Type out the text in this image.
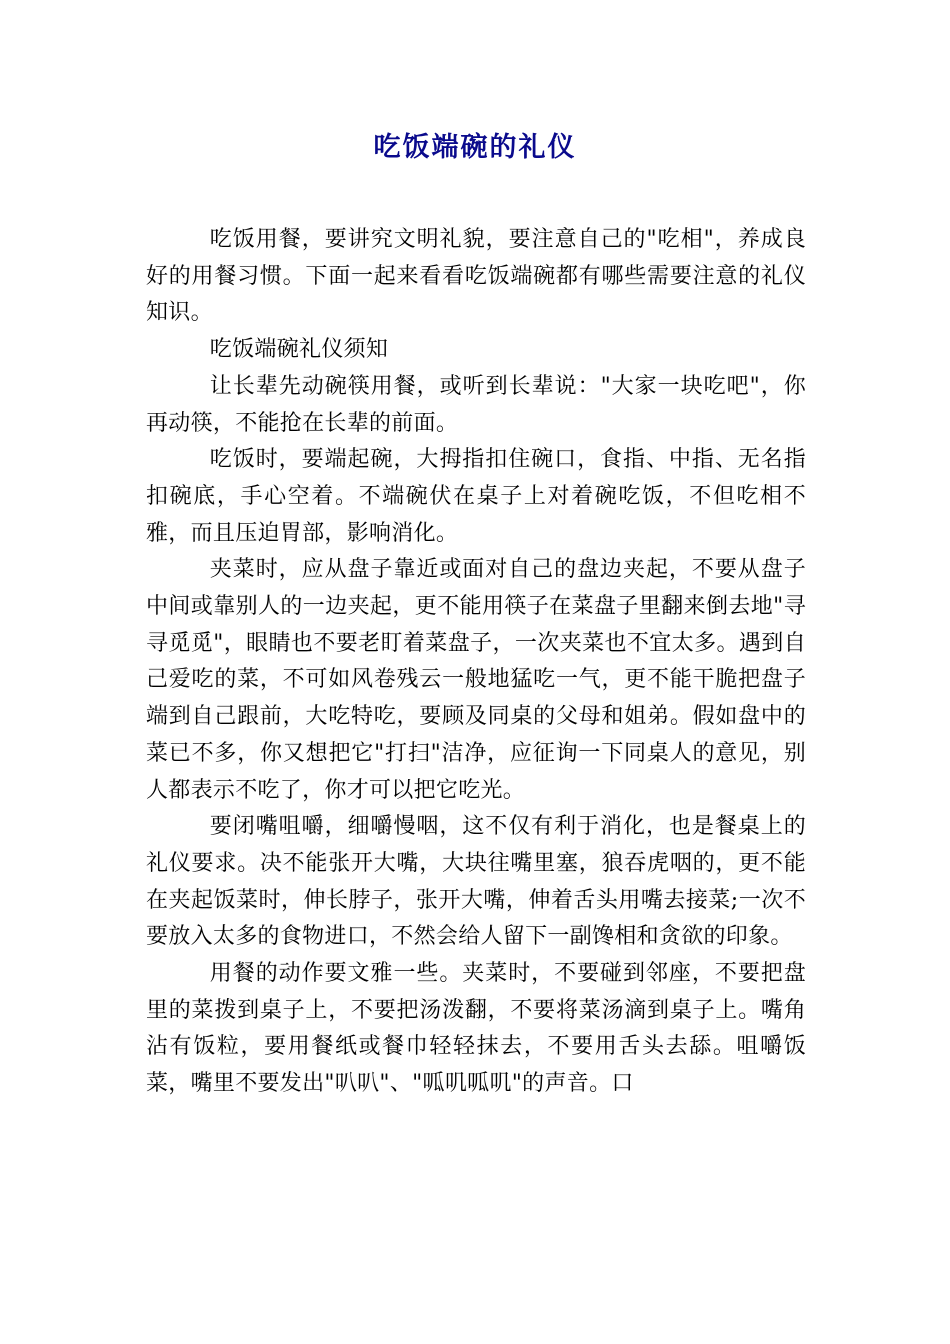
吃饭端碗的礼仪

吃饭用餐，要讲究文明礼貌，要注意自己的"吃相"，养成良好的用餐习惯。下面一起来看看吃饭端碗都有哪些需要注意的礼仪知识。

吃饭端碗礼仪须知

让长辈先动碗筷用餐，或听到长辈说："大家一块吃吧"，你再动筷，不能抢在长辈的前面。

吃饭时，要端起碗，大拇指扣住碗口，食指、中指、无名指扣碗底，手心空着。不端碗伏在桌子上对着碗吃饭，不但吃相不雅，而且压迫胃部，影响消化。

夹菜时，应从盘子靠近或面对自己的盘边夹起，不要从盘子中间或靠别人的一边夹起，更不能用筷子在菜盘子里翻来倒去地"寻寻觅觅"，眼睛也不要老盯着菜盘子，一次夹菜也不宜太多。遇到自己爱吃的菜，不可如风卷残云一般地猛吃一气，更不能干脆把盘子端到自己跟前，大吃特吃，要顾及同桌的父母和姐弟。假如盘中的菜已不多，你又想把它"打扫"洁净，应征询一下同桌人的意见，别人都表示不吃了，你才可以把它吃光。

要闭嘴咀嚼，细嚼慢咽，这不仅有利于消化，也是餐桌上的礼仪要求。决不能张开大嘴，大块往嘴里塞，狼吞虎咽的，更不能在夹起饭菜时，伸长脖子，张开大嘴，伸着舌头用嘴去接菜;一次不要放入太多的食物进口，不然会给人留下一副馋相和贪欲的印象。

用餐的动作要文雅一些。夹菜时，不要碰到邻座，不要把盘里的菜拨到桌子上，不要把汤泼翻，不要将菜汤滴到桌子上。嘴角沾有饭粒，要用餐纸或餐巾轻轻抹去，不要用舌头去舔。咀嚼饭菜，嘴里不要发出"叭叭"、"呱叽呱叽"的声音。口
